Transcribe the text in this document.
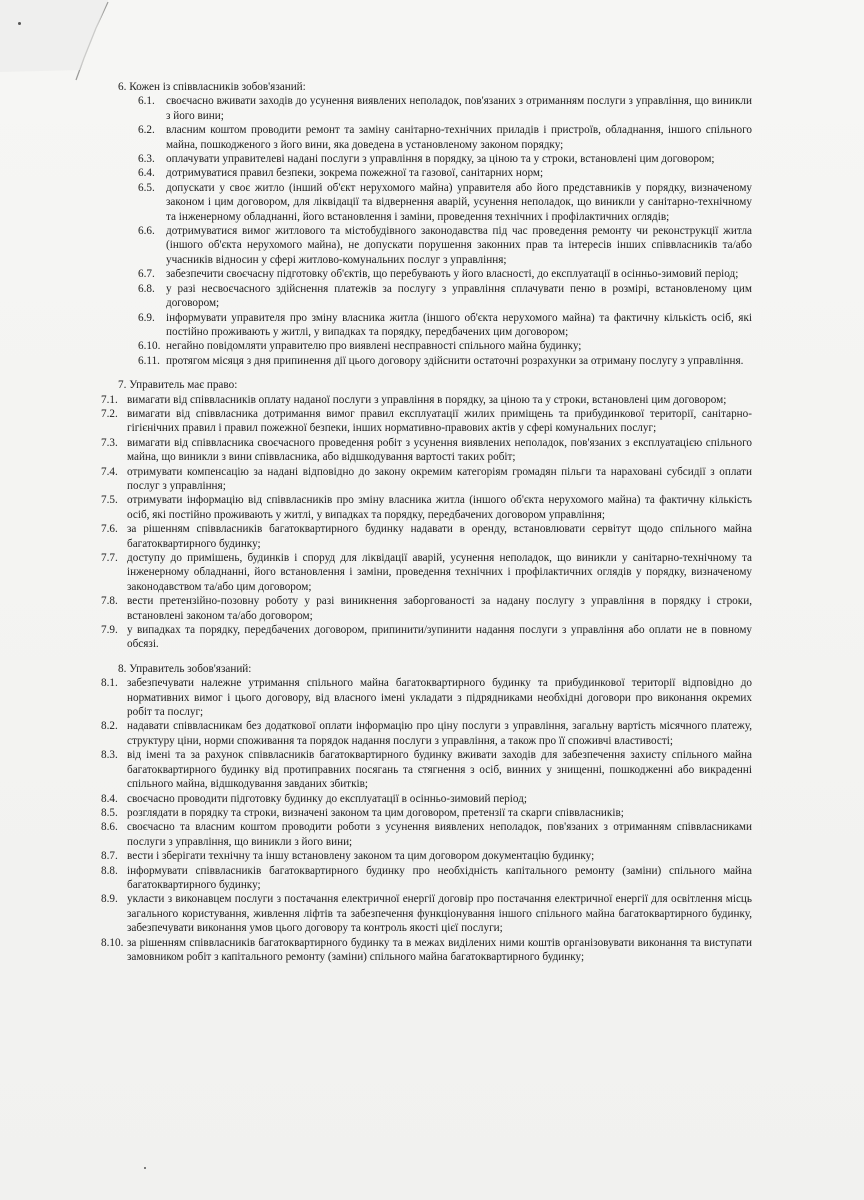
6. Кожен із співвласників зобов'язаний:
6.1. своєчасно вживати заходів до усунення виявлених неполадок, пов'язаних з отриманням послуги з управління, що виникли з його вини;
6.2. власним коштом проводити ремонт та заміну санітарно-технічних приладів і пристроїв, обладнання, іншого спільного майна, пошкодженого з його вини, яка доведена в установленому законом порядку;
6.3. оплачувати управителеві надані послуги з управління в порядку, за ціною та у строки, встановлені цим договором;
6.4. дотримуватися правил безпеки, зокрема пожежної та газової, санітарних норм;
6.5. допускати у своє житло (інший об'єкт нерухомого майна) управителя або його представників у порядку, визначеному законом і цим договором, для ліквідації та відвернення аварій, усунення неполадок, що виникли у санітарно-технічному та інженерному обладнанні, його встановлення і заміни, проведення технічних і профілактичних оглядів;
6.6. дотримуватися вимог житлового та містобудівного законодавства під час проведення ремонту чи реконструкції житла (іншого об'єкта нерухомого майна), не допускати порушення законних прав та інтересів інших співвласників та/або учасників відносин у сфері житлово-комунальних послуг з управління;
6.7. забезпечити своєчасну підготовку об'єктів, що перебувають у його власності, до експлуатації в осінньо-зимовий період;
6.8. у разі несвоєчасного здійснення платежів за послугу з управління сплачувати пеню в розмірі, встановленому цим договором;
6.9. інформувати управителя про зміну власника житла (іншого об'єкта нерухомого майна) та фактичну кількість осіб, які постійно проживають у житлі, у випадках та порядку, передбачених цим договором;
6.10. негайно повідомляти управителю про виявлені несправності спільного майна будинку;
6.11. протягом місяця з дня припинення дії цього договору здійснити остаточні розрахунки за отриману послугу з управління.
7. Управитель має право:
7.1. вимагати від співвласників оплату наданої послуги з управління в порядку, за ціною та у строки, встановлені цим договором;
7.2. вимагати від співвласника дотримання вимог правил експлуатації жилих приміщень та прибудинкової території, санітарно-гігієнічних правил і правил пожежної безпеки, інших нормативно-правових актів у сфері комунальних послуг;
7.3. вимагати від співвласника своєчасного проведення робіт з усунення виявлених неполадок, пов'язаних з експлуатацією спільного майна, що виникли з вини співвласника, або відшкодування вартості таких робіт;
7.4. отримувати компенсацію за надані відповідно до закону окремим категоріям громадян пільги та нараховані субсидії з оплати послуг з управління;
7.5. отримувати інформацію від співвласників про зміну власника житла (іншого об'єкта нерухомого майна) та фактичну кількість осіб, які постійно проживають у житлі, у випадках та порядку, передбачених договором управління;
7.6. за рішенням співвласників багатоквартирного будинку надавати в оренду, встановлювати сервітут щодо спільного майна багатоквартирного будинку;
7.7. доступу до примішень, будинків і споруд для ліквідації аварій, усунення неполадок, що виникли у санітарно-технічному та інженерному обладнанні, його встановлення і заміни, проведення технічних і профілактичних оглядів у порядку, визначеному законодавством та/або цим договором;
7.8. вести претензійно-позовну роботу у разі виникнення заборгованості за надану послугу з управління в порядку і строки, встановлені законом та/або договором;
7.9. у випадках та порядку, передбачених договором, припинити/зупинити надання послуги з управління або оплати не в повному обсязі.
8. Управитель зобов'язаний:
8.1. забезпечувати належне утримання спільного майна багатоквартирного будинку та прибудинкової території відповідно до нормативних вимог і цього договору, від власного імені укладати з підрядниками необхідні договори про виконання окремих робіт та послуг;
8.2. надавати співвласникам без додаткової оплати інформацію про ціну послуги з управління, загальну вартість місячного платежу, структуру ціни, норми споживання та порядок надання послуги з управління, а також про її споживчі властивості;
8.3. від імені та за рахунок співвласників багатоквартирного будинку вживати заходів для забезпечення захисту спільного майна багатоквартирного будинку від протиправних посягань та стягнення з осіб, винних у знищенні, пошкодженні або викраденні спільного майна, відшкодування завданих збитків;
8.4. своєчасно проводити підготовку будинку до експлуатації в осінньо-зимовий період;
8.5. розглядати в порядку та строки, визначені законом та цим договором, претензії та скарги співвласників;
8.6. своєчасно та власним коштом проводити роботи з усунення виявлених неполадок, пов'язаних з отриманням співвласниками послуги з управління, що виникли з його вини;
8.7. вести і зберігати технічну та іншу встановлену законом та цим договором документацію будинку;
8.8. інформувати співвласників багатоквартирного будинку про необхідність капітального ремонту (заміни) спільного майна багатоквартирного будинку;
8.9. укласти з виконавцем послуги з постачання електричної енергії договір про постачання електричної енергії для освітлення місць загального користування, живлення ліфтів та забезпечення функціонування іншого спільного майна багатоквартирного будинку, забезпечувати виконання умов цього договору та контроль якості цієї послуги;
8.10. за рішенням співвласників багатоквартирного будинку та в межах виділених ними коштів організовувати виконання та виступати замовником робіт з капітального ремонту (заміни) спільного майна багатоквартирного будинку;
